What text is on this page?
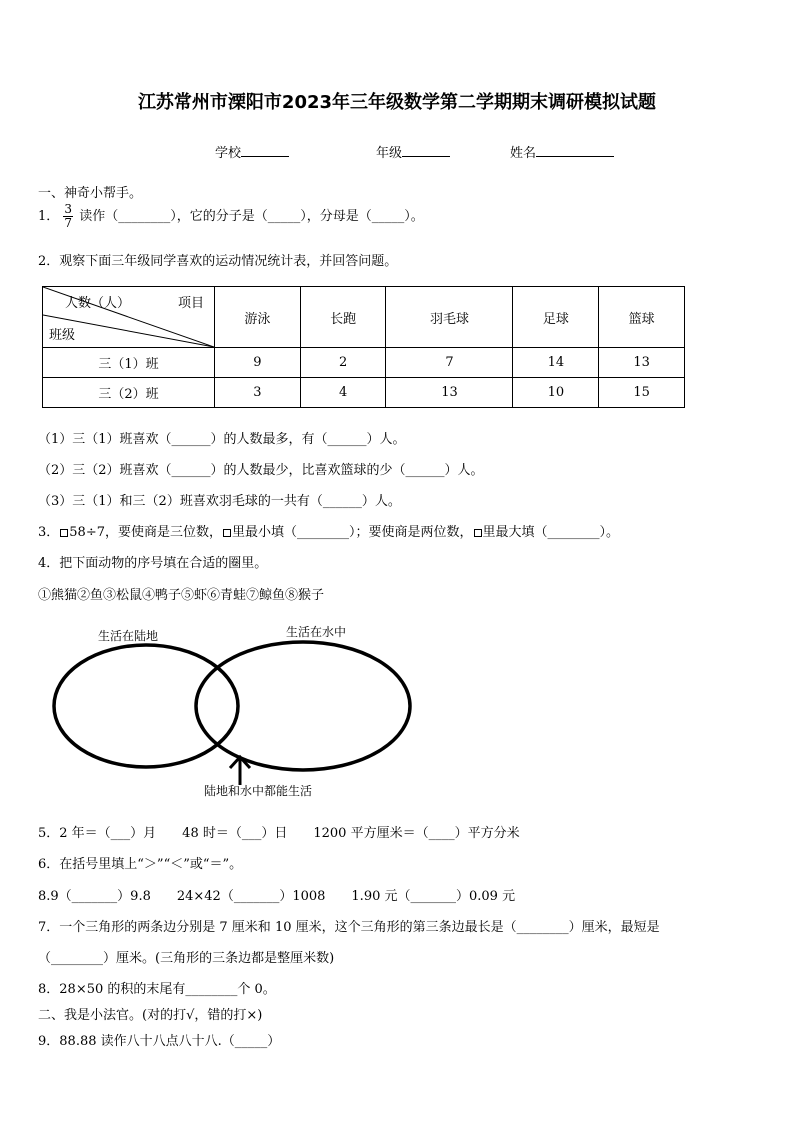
江苏常州市溧阳市2023年三年级数学第二学期期末调研模拟试题
学校	年级	姓名
一、神奇小帮手。
1． $\frac{3}{7}$ 读作（________），它的分子是（_____），分母是（_____）。
2．观察下面三年级同学喜欢的运动情况统计表，并回答问题。
项目
人数（人）
班级	游泳	长跑	羽毛球	足球	篮球
三（1）班	9	2	7	14	13
三（2）班	3	4	13	10	15
（1）三（1）班喜欢（______）的人数最多，有（______）人。
（2）三（2）班喜欢（______）的人数最少，比喜欢篮球的少（______）人。
（3）三（1）和三（2）班喜欢羽毛球的一共有（______）人。
3． 58÷7，要使商是三位数， 里最小填（________）；要使商是两位数， 里最大填（________）。
4．把下面动物的序号填在合适的圈里。
①熊猫②鱼③松鼠④鸭子⑤虾⑥青蛙⑦鲸鱼⑧猴子
生活在陆地	生活在水中
陆地和水中都能生活
5．2 年＝（___）月　　48 时＝（___）日　　1200 平方厘米＝（____）平方分米
6．在括号里填上“＞”“＜”或“＝”。
8.9（_______）9.8　　24×42（_______）1008　　1.90 元（_______）0.09 元
7．一个三角形的两条边分别是 7 厘米和 10 厘米，这个三角形的第三条边最长是（________）厘米，最短是
（________）厘米。(三角形的三条边都是整厘米数)
8．28×50 的积的末尾有________个 0。
二、我是小法官。(对的打√，错的打×)
9．88.88 读作八十八点八十八.（_____）
